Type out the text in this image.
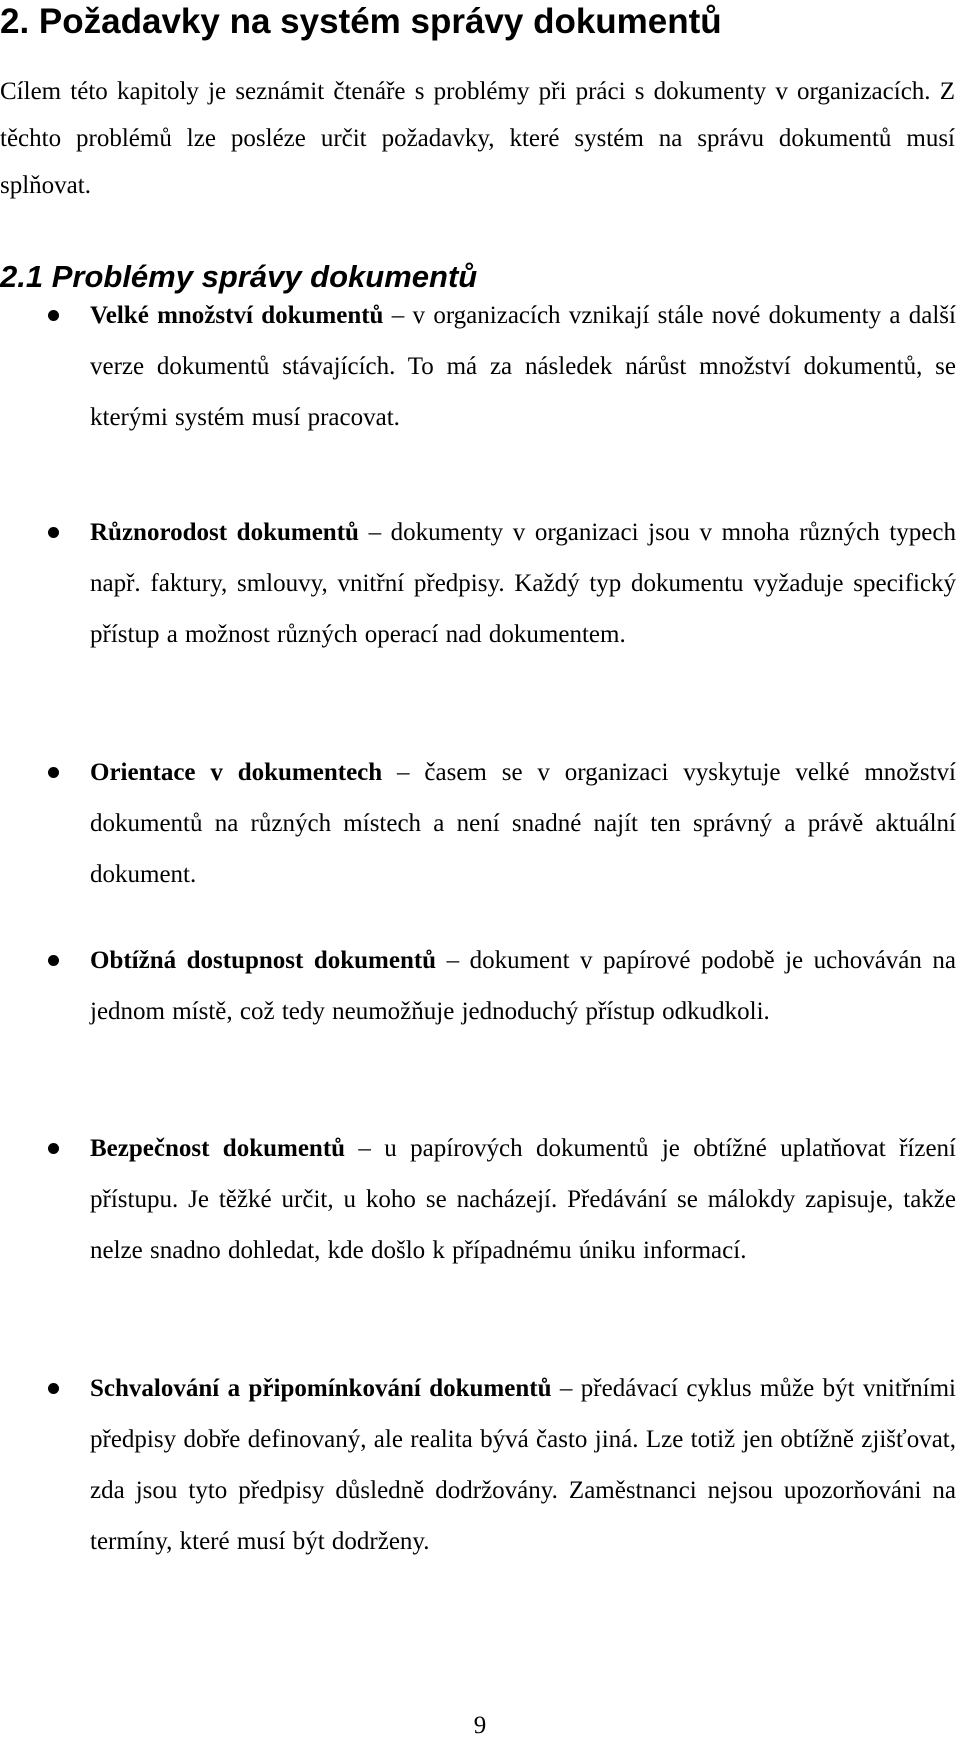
2. Požadavky na systém správy dokumentů

Cílem této kapitoly je seznámit čtenáře s problémy při práci s dokumenty v organizacích. Z těchto problémů lze posléze určit požadavky, které systém na správu dokumentů musí splňovat.

2.1 Problémy správy dokumentů
Velké množství dokumentů – v organizacích vznikají stále nové dokumenty a další verze dokumentů stávajících. To má za následek nárůst množství dokumentů, se kterými systém musí pracovat.
Různorodost dokumentů – dokumenty v organizaci jsou v mnoha různých typech např. faktury, smlouvy, vnitřní předpisy. Každý typ dokumentu vyžaduje specifický přístup a možnost různých operací nad dokumentem.
Orientace v dokumentech – časem se v organizaci vyskytuje velké množství dokumentů na různých místech a není snadné najít ten správný a právě aktuální dokument.
Obtížná dostupnost dokumentů – dokument v papírové podobě je uchováván na jednom místě, což tedy neumožňuje jednoduchý přístup odkudkoli.
Bezpečnost dokumentů – u papírových dokumentů je obtížné uplatňovat řízení přístupu. Je těžké určit, u koho se nacházejí. Předávání se málokdy zapisuje, takže nelze snadno dohledat, kde došlo k případnému úniku informací.
Schvalování a připomínkování dokumentů – předávací cyklus může být vnitřními předpisy dobře definovaný, ale realita bývá často jiná. Lze totiž jen obtížně zjišťovat, zda jsou tyto předpisy důsledně dodržovány. Zaměstnanci nejsou upozorňováni na termíny, které musí být dodrženy.
9
